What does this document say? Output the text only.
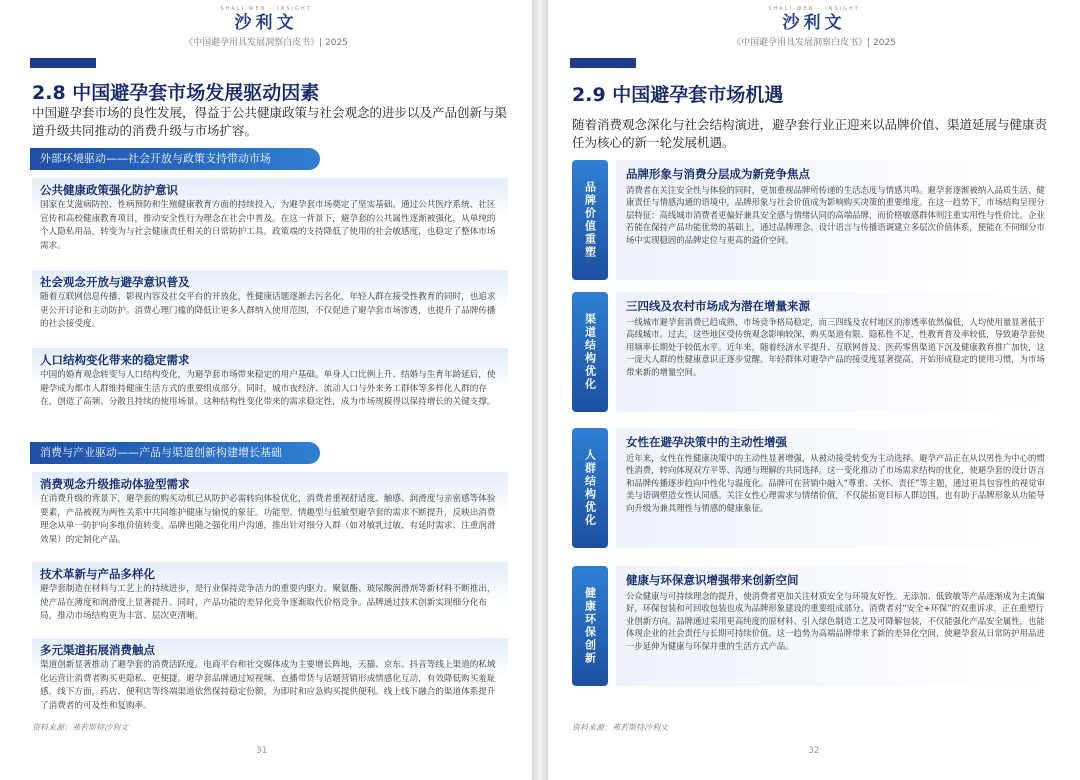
SHALI WEN · INSIGHT
沙利文
《中国避孕用具发展洞察白皮书》| 2025
2.8 中国避孕套市场发展驱动因素
中国避孕套市场的良性发展，得益于公共健康政策与社会观念的进步以及产品创新与渠道升级共同推动的消费升级与市场扩容。
外部环境驱动——社会开放与政策支持带动市场
公共健康政策强化防护意识
国家在艾滋病防控、性病预防和生殖健康教育方面的持续投入，为避孕套市场奠定了坚实基础。通过公共医疗系统、社区宣传和高校健康教育项目，推动安全性行为理念在社会中普及。在这一背景下，避孕套的公共属性逐渐被强化，从单纯的个人隐私用品，转变为与社会健康责任相关的日常防护工具。政策端的支持降低了使用的社会敏感度，也稳定了整体市场需求。
社会观念开放与避孕意识普及
随着互联网信息传播、影视内容及社交平台的开放化，性健康话题逐渐去污名化，年轻人群在接受性教育的同时，也追求更公开讨论和主动防护。消费心理门槛的降低让更多人群纳入使用范围，不仅促进了避孕套市场渗透，也提升了品牌传播的社会接受度。
人口结构变化带来的稳定需求
中国的婚育观念转变与人口结构变化，为避孕套市场带来稳定的用户基础。单身人口比例上升、结婚与生育年龄延后，使避孕成为都市人群维持健康生活方式的重要组成部分。同时，城市夜经济、流动人口与外来务工群体等多样化人群的存在，创造了高频、分散且持续的使用场景。这种结构性变化带来的需求稳定性，成为市场规模得以保持增长的关键支撑。
消费与产业驱动——产品与渠道创新构建增长基础
消费观念升级推动体验型需求
在消费升级的背景下，避孕套的购买动机已从防护必需转向体验优化，消费者重视舒适度、触感、润滑度与亲密感等体验要素，产品被视为两性关系中共同维护健康与愉悦的象征。功能型、情趣型与低敏型避孕套的需求不断提升，反映出消费理念从单一防护向多维价值转变。品牌也随之强化用户沟通，推出针对细分人群（如对敏乳过敏、有延时需求、注重润滑效果）的定制化产品。
技术革新与产品多样化
避孕套制造在材料与工艺上的持续进步，是行业保持竞争活力的重要内驱力。聚氨酯、玻尿酸润滑剂等新材料不断推出，使产品在薄度和润滑度上显著提升。同时，产品功能的差异化竞争逐渐取代价格竞争。品牌通过技术创新实现细分化布局，推动市场结构更为丰富、层次更清晰。
多元渠道拓展消费触点
渠道创新显著推动了避孕套的消费活跃度。电商平台和社交媒体成为主要增长阵地，天猫、京东、抖音等线上渠道的私域化运营让消费者购买更隐私、更便捷。避孕套品牌通过短视频、直播带货与话题营销形成情感化互动，有效降低购买羞耻感。线下方面，药店、便利店等终端渠道依然保持稳定份额，为即时和应急购买提供便利。线上线下融合的渠道体系提升了消费者的可及性和复购率。
资料来源：弗若斯特沙利文
31
SHALI WEN · INSIGHT
沙利文
《中国避孕用具发展洞察白皮书》| 2025
2.9 中国避孕套市场机遇
随着消费观念深化与社会结构演进，避孕套行业正迎来以品牌价值、渠道延展与健康责任为核心的新一轮发展机遇。
品牌价值重塑
品牌形象与消费分层成为新竞争焦点
消费者在关注安全性与体验的同时，更加重视品牌所传递的生活态度与情感共鸣。避孕套逐渐被纳入品质生活、健康责任与情感沟通的语境中，品牌形象与社会价值成为影响购买决策的重要维度。在这一趋势下，市场结构呈现分层特征：高线城市消费者更偏好兼具安全感与情绪认同的高端品牌，而价格敏感群体则注重实用性与性价比。企业若能在保持产品功能优势的基础上，通过品牌理念、设计语言与传播语调建立多层次价值体系，便能在不同细分市场中实现稳固的品牌定位与更高的溢价空间。
渠道结构优化
三四线及农村市场成为潜在增量来源
一线城市避孕套消费已趋成熟，市场竞争格局稳定，而三四线及农村地区的渗透率依然偏低，人均使用量显著低于高线城市。过去，这些地区受传统观念影响较深，购买渠道有限、隐私性不足，性教育普及率较低，导致避孕套使用频率长期处于较低水平。近年来，随着经济水平提升、互联网普及、医药零售渠道下沉及健康教育推广加快，这一庞大人群的性健康意识正逐步觉醒。年轻群体对避孕产品的接受度显著提高，开始形成稳定的使用习惯，为市场带来新的增量空间。
人群结构优化
女性在避孕决策中的主动性增强
近年来，女性在性健康决策中的主动性显著增强，从被动接受转变为主动选择。避孕产品正在从以男性为中心的惯性消费，转向体现双方平等、沟通与理解的共同选择。这一变化推动了市场需求结构的优化，使避孕套的设计语言和品牌传播逐步趋向中性化与温度化。品牌可在营销中融入“尊重、关怀、责任”等主题，通过更具包容性的视觉审美与语调塑造女性认同感。关注女性心理需求与情绪价值，不仅能拓宽目标人群边围，也有助于品牌形象从功能导向升级为兼具理性与情感的健康象征。
健康环保创新
健康与环保意识增强带来创新空间
公众健康与可持续理念的提升，使消费者更加关注材质安全与环境友好性。无添加、低致敏等产品逐渐成为主流偏好，环保包装和可回收包装也成为品牌形象建设的重要组成部分。消费者对“安全+环保”的双重诉求，正在重塑行业创新方向。品牌通过采用更高纯度的原材料、引入绿色制造工艺及可降解包装，不仅能强化产品安全属性，也能体现企业的社会责任与长期可持续价值。这一趋势为高端品牌带来了新的差异化空间，使避孕套从日常防护用品进一步延伸为健康与环保并重的生活方式产品。
资料来源：弗若斯特沙利文
32
